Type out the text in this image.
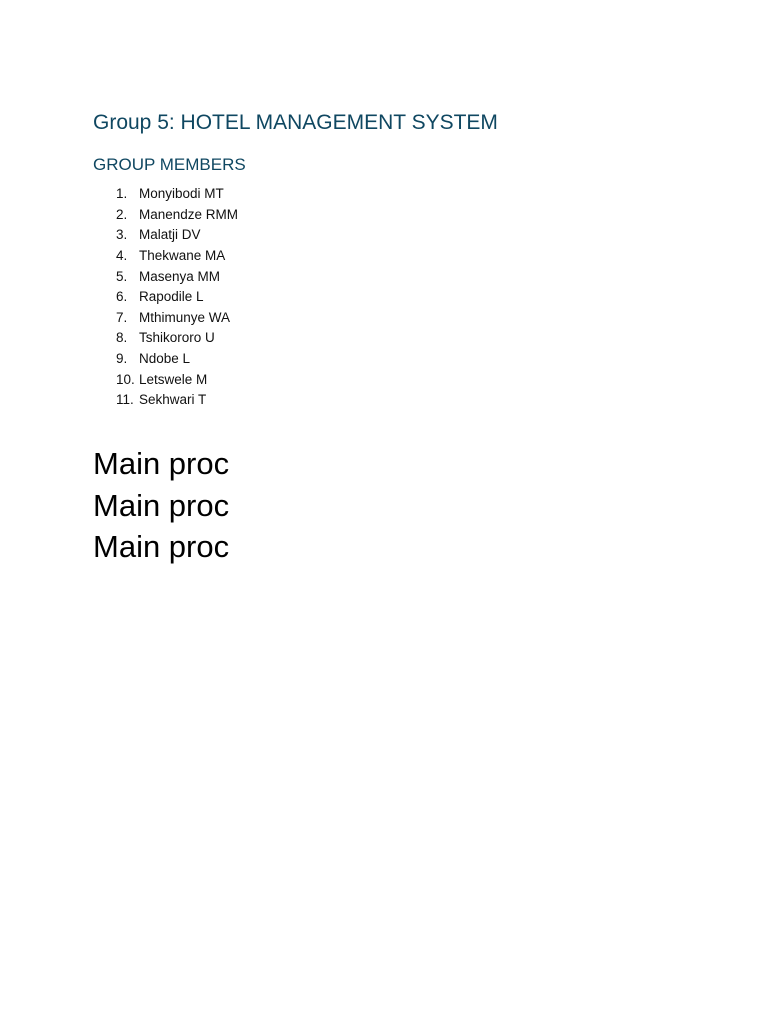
Group 5: HOTEL MANAGEMENT SYSTEM
GROUP MEMBERS
1. Monyibodi MT
2. Manendze RMM
3. Malatji DV
4. Thekwane MA
5. Masenya MM
6. Rapodile L
7. Mthimunye WA
8. Tshikororo U
9. Ndobe L
10. Letswele M
11. Sekhwari T
Main proc
Main proc
Main proc
